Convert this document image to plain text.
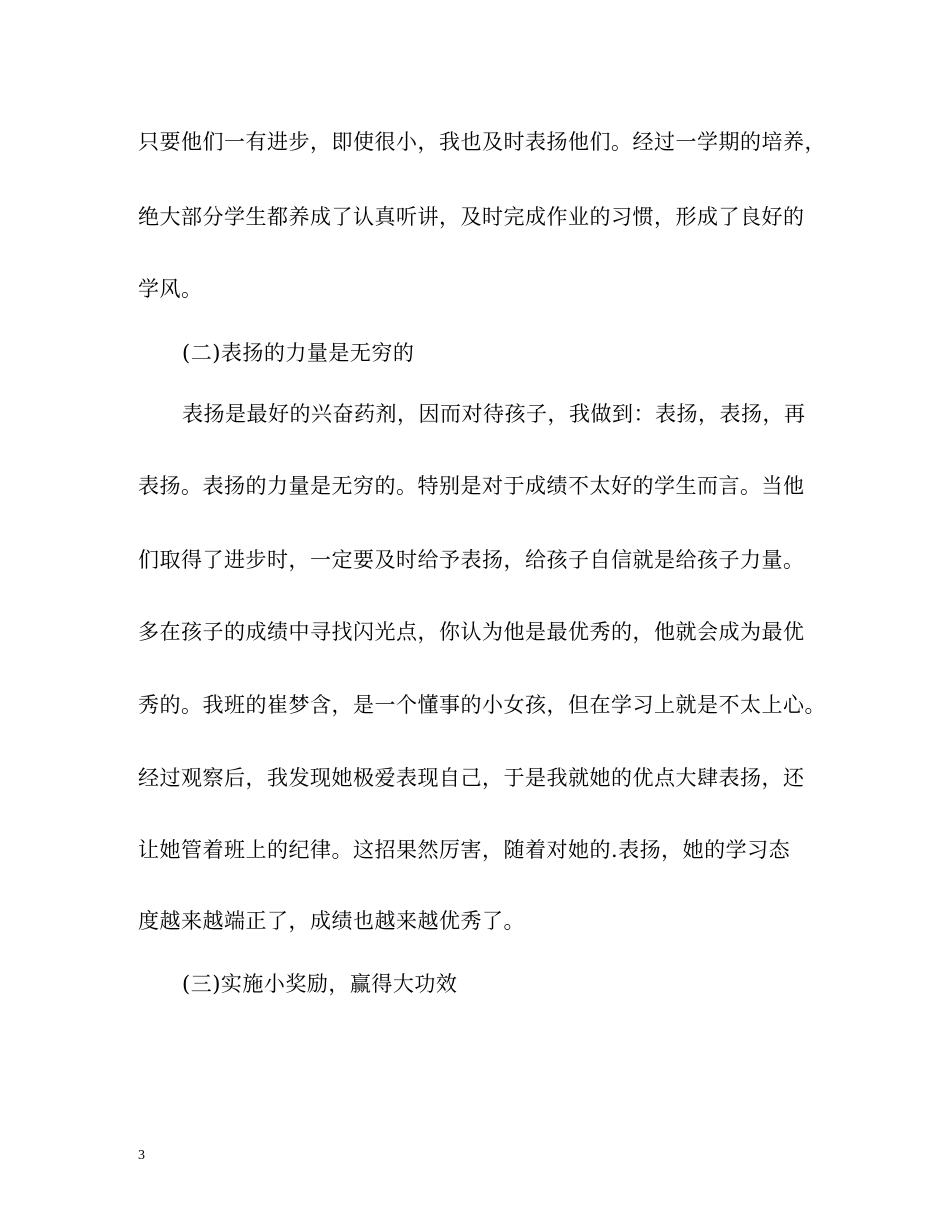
只要他们一有进步，即使很小，我也及时表扬他们。经过一学期的培养，
绝大部分学生都养成了认真听讲，及时完成作业的习惯，形成了良好的
学风。
(二)表扬的力量是无穷的
表扬是最好的兴奋药剂，因而对待孩子，我做到：表扬，表扬，再
表扬。表扬的力量是无穷的。特别是对于成绩不太好的学生而言。当他
们取得了进步时，一定要及时给予表扬，给孩子自信就是给孩子力量。
多在孩子的成绩中寻找闪光点，你认为他是最优秀的，他就会成为最优
秀的。我班的崔梦含，是一个懂事的小女孩，但在学习上就是不太上心。
经过观察后，我发现她极爱表现自己，于是我就她的优点大肆表扬，还
让她管着班上的纪律。这招果然厉害，随着对她的.表扬，她的学习态
度越来越端正了，成绩也越来越优秀了。
(三)实施小奖励，赢得大功效
3
